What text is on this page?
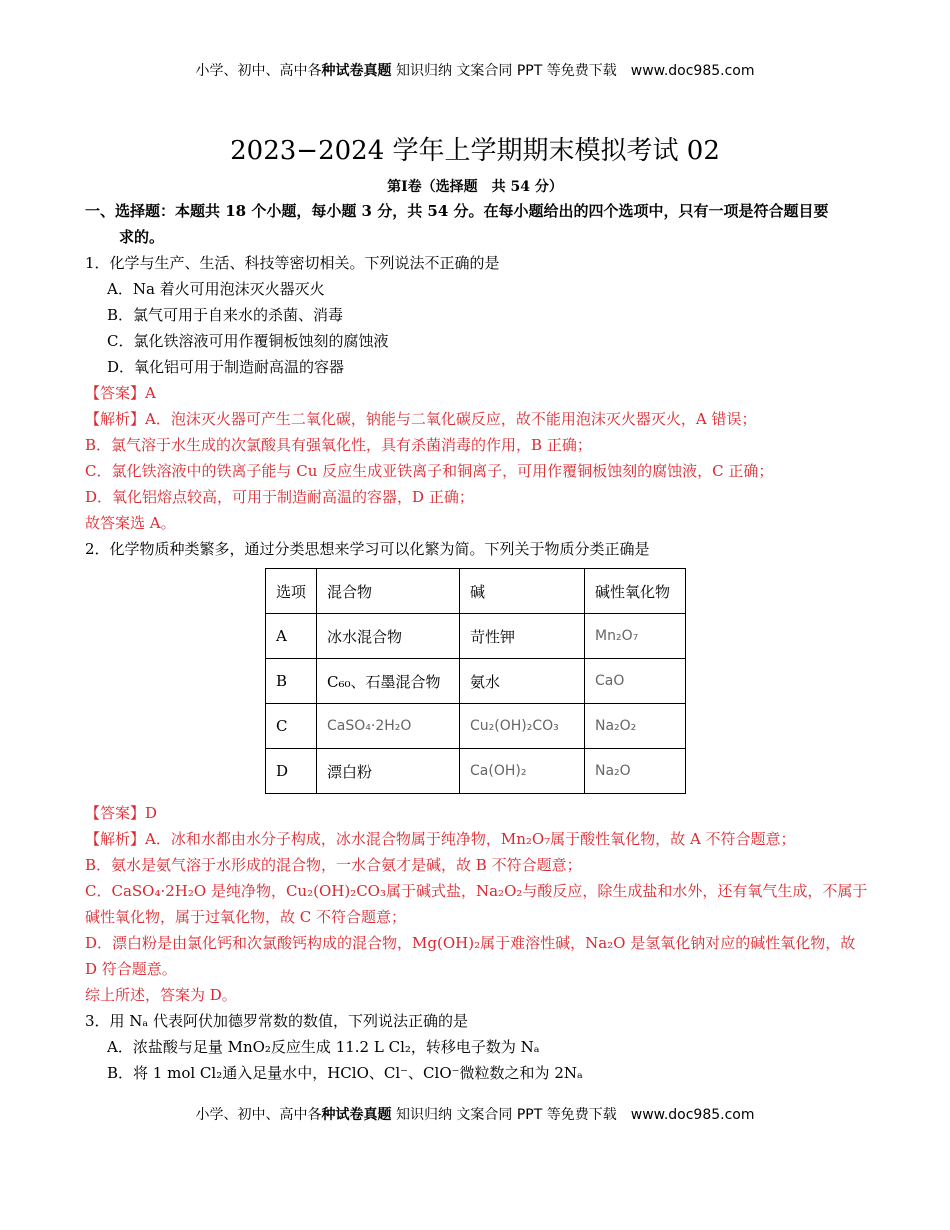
小学、初中、高中各种试卷真题 知识归纳 文案合同 PPT 等免费下载 www.doc985.com
2023−2024 学年上学期期末模拟考试 02
第Ⅰ卷（选择题　共 54 分）
一、选择题：本题共 18 个小题，每小题 3 分，共 54 分。在每小题给出的四个选项中，只有一项是符合题目要
求的。
1．化学与生产、生活、科技等密切相关。下列说法不正确的是
A．Na 着火可用泡沫灭火器灭火
B．氯气可用于自来水的杀菌、消毒
C．氯化铁溶液可用作覆铜板蚀刻的腐蚀液
D．氧化铝可用于制造耐高温的容器
【答案】A
【解析】A．泡沫灭火器可产生二氧化碳，钠能与二氧化碳反应，故不能用泡沫灭火器灭火，A 错误；
B．氯气溶于水生成的次氯酸具有强氧化性，具有杀菌消毒的作用，B 正确；
C．氯化铁溶液中的铁离子能与 Cu 反应生成亚铁离子和铜离子，可用作覆铜板蚀刻的腐蚀液，C 正确；
D．氧化铝熔点较高，可用于制造耐高温的容器，D 正确；
故答案选 A。
2．化学物质种类繁多，通过分类思想来学习可以化繁为简。下列关于物质分类正确是
选项	混合物	碱	碱性氧化物
A	冰水混合物	苛性钾	Mn₂O₇
B	C₆₀、石墨混合物	氨水	CaO
C	CaSO₄·2H₂O	Cu₂(OH)₂CO₃	Na₂O₂
D	漂白粉	Ca(OH)₂	Na₂O
【答案】D
【解析】A．冰和水都由水分子构成，冰水混合物属于纯净物，Mn₂O₇属于酸性氧化物，故 A 不符合题意；
B．氨水是氨气溶于水形成的混合物，一水合氨才是碱，故 B 不符合题意；
C．CaSO₄·2H₂O 是纯净物，Cu₂(OH)₂CO₃属于碱式盐，Na₂O₂与酸反应，除生成盐和水外，还有氧气生成，不属于碱性氧化物，属于过氧化物，故 C 不符合题意；
D．漂白粉是由氯化钙和次氯酸钙构成的混合物，Mg(OH)₂属于难溶性碱，Na₂O 是氢氧化钠对应的碱性氧化物，故 D 符合题意。
综上所述，答案为 D。
3．用 Nₐ 代表阿伏加德罗常数的数值，下列说法正确的是
A．浓盐酸与足量 MnO₂反应生成 11.2 L Cl₂，转移电子数为 Nₐ
B．将 1 mol Cl₂通入足量水中，HClO、Cl⁻、ClO⁻微粒数之和为 2Nₐ
小学、初中、高中各种试卷真题 知识归纳 文案合同 PPT 等免费下载 www.doc985.com
